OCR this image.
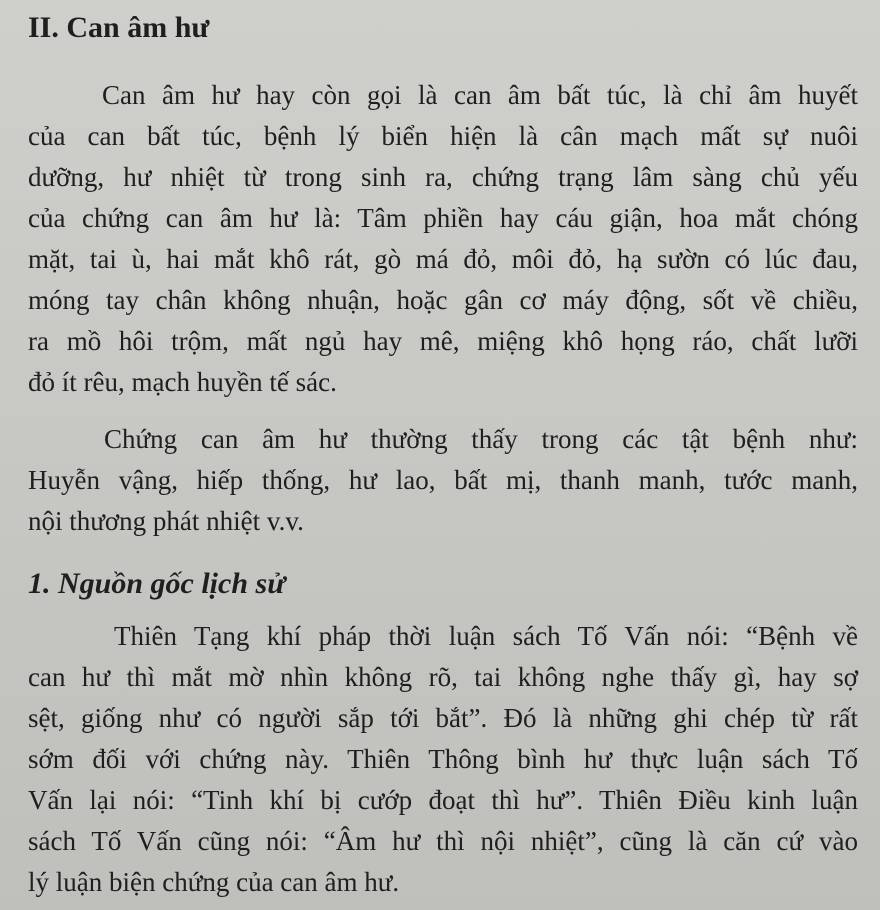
II. Can âm hư
Can âm hư hay còn gọi là can âm bất túc, là chỉ âm huyết
của can bất túc, bệnh lý biển hiện là cân mạch mất sự nuôi
dưỡng, hư nhiệt từ trong sinh ra, chứng trạng lâm sàng chủ yếu
của chứng can âm hư là: Tâm phiền hay cáu giận, hoa mắt chóng
mặt, tai ù, hai mắt khô rát, gò má đỏ, môi đỏ, hạ sườn có lúc đau,
móng tay chân không nhuận, hoặc gân cơ máy động, sốt về chiều,
ra mồ hôi trộm, mất ngủ hay mê, miệng khô họng ráo, chất lưỡi
đỏ ít rêu, mạch huyền tế sác.
Chứng can âm hư thường thấy trong các tật bệnh như:
Huyễn vậng, hiếp thống, hư lao, bất mị, thanh manh, tước manh,
nội thương phát nhiệt v.v.
1. Nguồn gốc lịch sử
Thiên Tạng khí pháp thời luận sách Tố Vấn nói: “Bệnh về
can hư thì mắt mờ nhìn không rõ, tai không nghe thấy gì, hay sợ
sệt, giống như có người sắp tới bắt”. Đó là những ghi chép từ rất
sớm đối với chứng này. Thiên Thông bình hư thực luận sách Tố
Vấn lại nói: “Tinh khí bị cướp đoạt thì hư”. Thiên Điều kinh luận
sách Tố Vấn cũng nói: “Âm hư thì nội nhiệt”, cũng là căn cứ vào
lý luận biện chứng của can âm hư.
